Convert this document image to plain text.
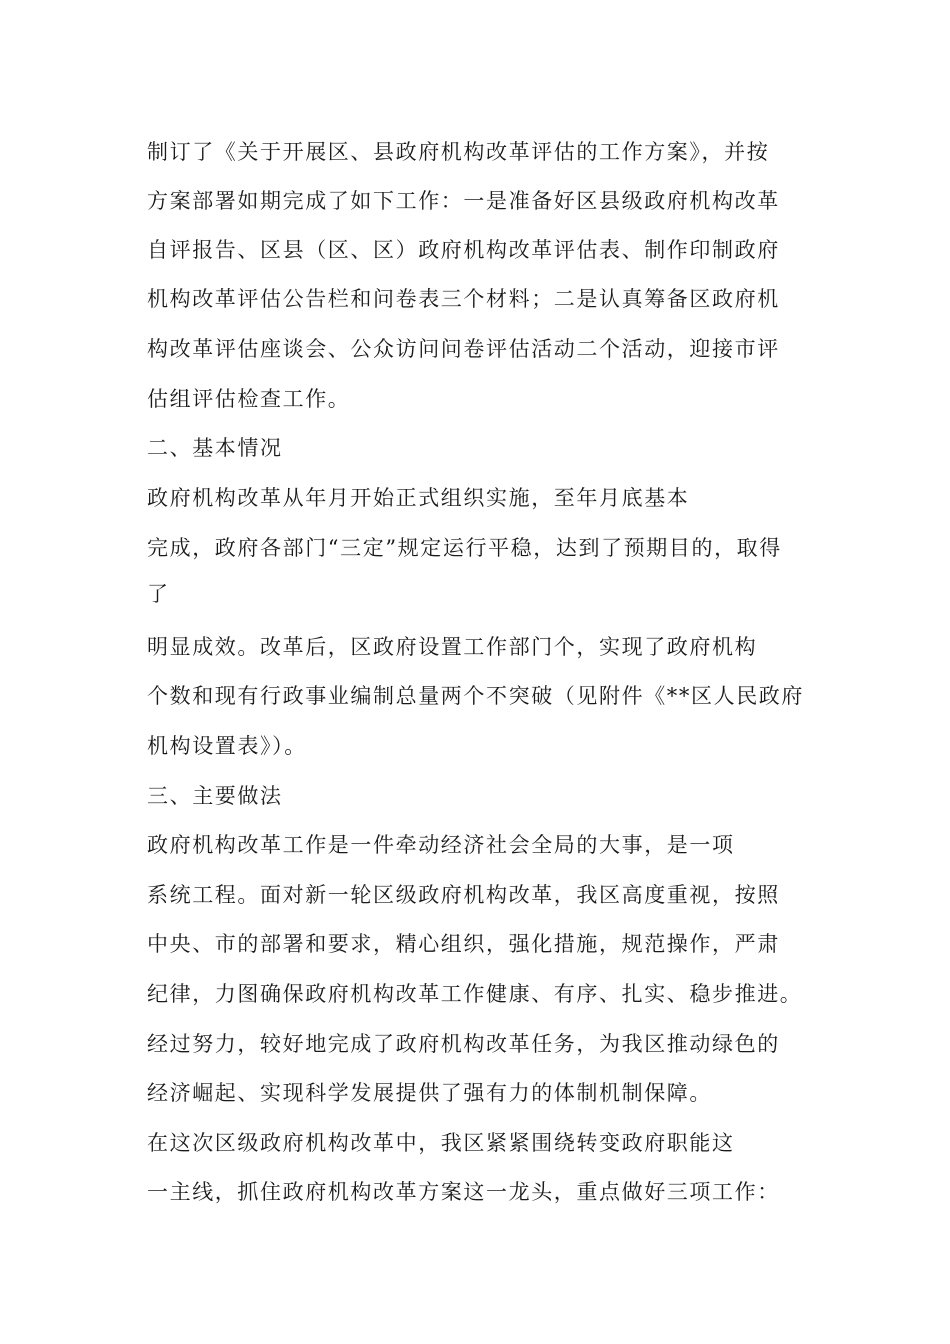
制订了《关于开展区、县政府机构改革评估的工作方案》，并按

方案部署如期完成了如下工作：一是准备好区县级政府机构改革

自评报告、区县（区、区）政府机构改革评估表、制作印制政府

机构改革评估公告栏和问卷表三个材料；二是认真筹备区政府机

构改革评估座谈会、公众访问问卷评估活动二个活动，迎接市评

估组评估检查工作。

二、基本情况

政府机构改革从年月开始正式组织实施，至年月底基本

完成，政府各部门“三定”规定运行平稳，达到了预期目的，取得

了

明显成效。改革后，区政府设置工作部门个，实现了政府机构

个数和现有行政事业编制总量两个不突破（见附件《**区人民政府

机构设置表》）。

三、主要做法

政府机构改革工作是一件牵动经济社会全局的大事，是一项

系统工程。面对新一轮区级政府机构改革，我区高度重视，按照

中央、市的部署和要求，精心组织，强化措施，规范操作，严肃

纪律，力图确保政府机构改革工作健康、有序、扎实、稳步推进。

经过努力，较好地完成了政府机构改革任务，为我区推动绿色的

经济崛起、实现科学发展提供了强有力的体制机制保障。

在这次区级政府机构改革中，我区紧紧围绕转变政府职能这

一主线，抓住政府机构改革方案这一龙头，重点做好三项工作：
